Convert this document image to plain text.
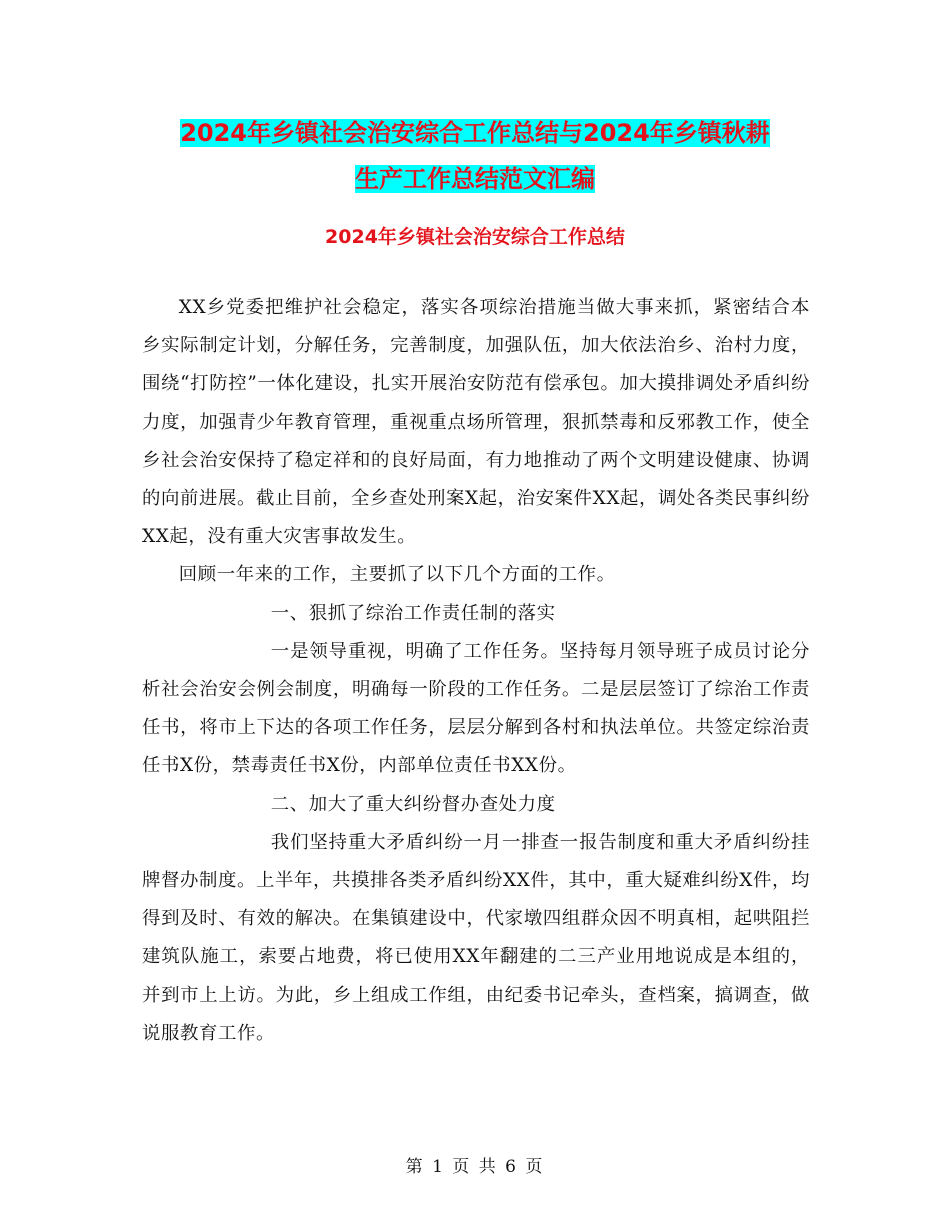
2024年乡镇社会治安综合工作总结与2024年乡镇秋耕
生产工作总结范文汇编
2024年乡镇社会治安综合工作总结

XX乡党委把维护社会稳定，落实各项综治措施当做大事来抓，紧密结合本乡实际制定计划，分解任务，完善制度，加强队伍，加大依法治乡、治村力度，围绕“打防控”一体化建设，扎实开展治安防范有偿承包。加大摸排调处矛盾纠纷力度，加强青少年教育管理，重视重点场所管理，狠抓禁毒和反邪教工作，使全乡社会治安保持了稳定祥和的良好局面，有力地推动了两个文明建设健康、协调的向前进展。截止目前，全乡查处刑案X起，治安案件XX起，调处各类民事纠纷XX起，没有重大灾害事故发生。

回顾一年来的工作，主要抓了以下几个方面的工作。

一、狠抓了综治工作责任制的落实

一是领导重视，明确了工作任务。坚持每月领导班子成员讨论分析社会治安会例会制度，明确每一阶段的工作任务。二是层层签订了综治工作责任书，将市上下达的各项工作任务，层层分解到各村和执法单位。共签定综治责任书X份，禁毒责任书X份，内部单位责任书XX份。

二、加大了重大纠纷督办查处力度

我们坚持重大矛盾纠纷一月一排查一报告制度和重大矛盾纠纷挂牌督办制度。上半年，共摸排各类矛盾纠纷XX件，其中，重大疑难纠纷X件，均得到及时、有效的解决。在集镇建设中，代家墩四组群众因不明真相，起哄阻拦建筑队施工，索要占地费，将已使用XX年翻建的二三产业用地说成是本组的，并到市上上访。为此，乡上组成工作组，由纪委书记牵头，查档案，搞调查，做说服教育工作。

第 1 页 共 6 页
